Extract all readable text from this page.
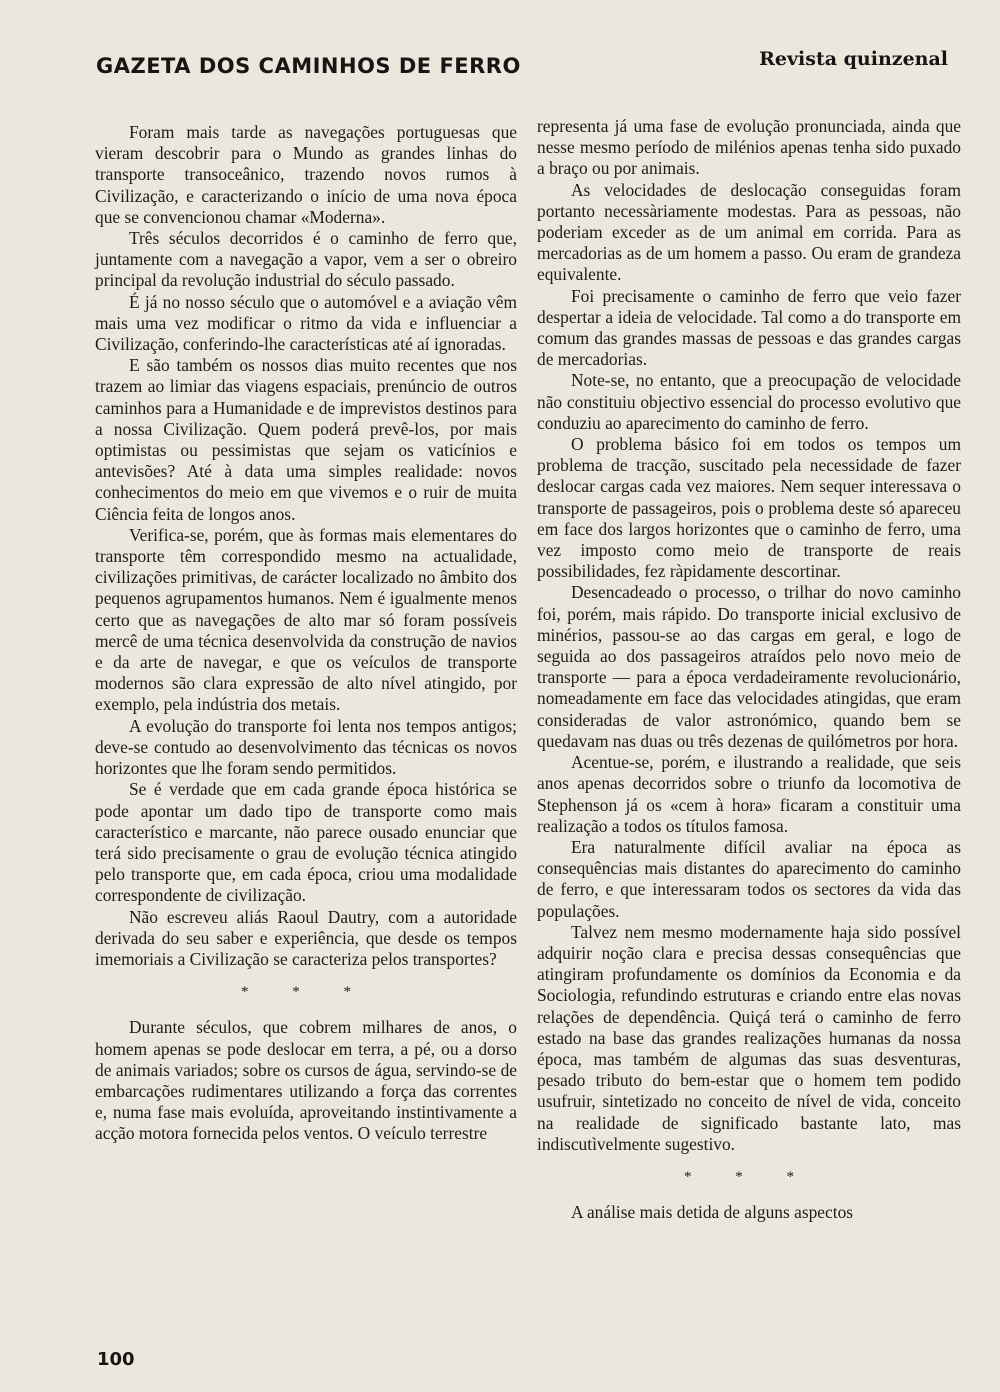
GAZETA DOS CAMINHOS DE FERRO	Revista quinzenal

Foram mais tarde as navegações portuguesas que vieram descobrir para o Mundo as grandes linhas do transporte transoceânico, trazendo novos rumos à Civilização, e caracterizando o início de uma nova época que se convencionou chamar «Moderna».

Três séculos decorridos é o caminho de ferro que, juntamente com a navegação a vapor, vem a ser o obreiro principal da revolução industrial do século passado.

É já no nosso século que o automóvel e a aviação vêm mais uma vez modificar o ritmo da vida e influenciar a Civilização, conferindo-lhe características até aí ignoradas.

E são também os nossos dias muito recentes que nos trazem ao limiar das viagens espaciais, prenúncio de outros caminhos para a Humanidade e de imprevistos destinos para a nossa Civilização. Quem poderá prevê-los, por mais optimistas ou pessimistas que sejam os vaticínios e antevisões? Até à data uma simples realidade: novos conhecimentos do meio em que vivemos e o ruir de muita Ciência feita de longos anos.

Verifica-se, porém, que às formas mais elementares do transporte têm correspondido mesmo na actualidade, civilizações primitivas, de carácter localizado no âmbito dos pequenos agrupamentos humanos. Nem é igualmente menos certo que as navegações de alto mar só foram possíveis mercê de uma técnica desenvolvida da construção de navios e da arte de navegar, e que os veículos de transporte modernos são clara expressão de alto nível atingido, por exemplo, pela indústria dos metais.

A evolução do transporte foi lenta nos tempos antigos; deve-se contudo ao desenvolvimento das técnicas os novos horizontes que lhe foram sendo permitidos.

Se é verdade que em cada grande época histórica se pode apontar um dado tipo de transporte como mais característico e marcante, não parece ousado enunciar que terá sido precisamente o grau de evolução técnica atingido pelo transporte que, em cada época, criou uma modalidade correspondente de civilização.

Não escreveu aliás Raoul Dautry, com a autoridade derivada do seu saber e experiência, que desde os tempos imemoriais a Civilização se caracteriza pelos transportes?

* * *

Durante séculos, que cobrem milhares de anos, o homem apenas se pode deslocar em terra, a pé, ou a dorso de animais variados; sobre os cursos de água, servindo-se de embarcações rudimentares utilizando a força das correntes e, numa fase mais evoluída, aproveitando instintivamente a acção motora fornecida pelos ventos. O veículo terrestre

representa já uma fase de evolução pronunciada, ainda que nesse mesmo período de milénios apenas tenha sido puxado a braço ou por animais.

As velocidades de deslocação conseguidas foram portanto necessàriamente modestas. Para as pessoas, não poderiam exceder as de um animal em corrida. Para as mercadorias as de um homem a passo. Ou eram de grandeza equivalente.

Foi precisamente o caminho de ferro que veio fazer despertar a ideia de velocidade. Tal como a do transporte em comum das grandes massas de pessoas e das grandes cargas de mercadorias.

Note-se, no entanto, que a preocupação de velocidade não constituiu objectivo essencial do processo evolutivo que conduziu ao aparecimento do caminho de ferro.

O problema básico foi em todos os tempos um problema de tracção, suscitado pela necessidade de fazer deslocar cargas cada vez maiores. Nem sequer interessava o transporte de passageiros, pois o problema deste só apareceu em face dos largos horizontes que o caminho de ferro, uma vez imposto como meio de transporte de reais possibilidades, fez ràpidamente descortinar.

Desencadeado o processo, o trilhar do novo caminho foi, porém, mais rápido. Do transporte inicial exclusivo de minérios, passou-se ao das cargas em geral, e logo de seguida ao dos passageiros atraídos pelo novo meio de transporte — para a época verdadeiramente revolucionário, nomeadamente em face das velocidades atingidas, que eram consideradas de valor astronómico, quando bem se quedavam nas duas ou três dezenas de quilómetros por hora.

Acentue-se, porém, e ilustrando a realidade, que seis anos apenas decorridos sobre o triunfo da locomotiva de Stephenson já os «cem à hora» ficaram a constituir uma realização a todos os títulos famosa.

Era naturalmente difícil avaliar na época as consequências mais distantes do aparecimento do caminho de ferro, e que interessaram todos os sectores da vida das populações.

Talvez nem mesmo modernamente haja sido possível adquirir noção clara e precisa dessas consequências que atingiram profundamente os domínios da Economia e da Sociologia, refundindo estruturas e criando entre elas novas relações de dependência. Quiçá terá o caminho de ferro estado na base das grandes realizações humanas da nossa época, mas também de algumas das suas desventuras, pesado tributo do bem-estar que o homem tem podido usufruir, sintetizado no conceito de nível de vida, conceito na realidade de significado bastante lato, mas indiscutìvelmente sugestivo.

* * *

A análise mais detida de alguns aspectos

100
